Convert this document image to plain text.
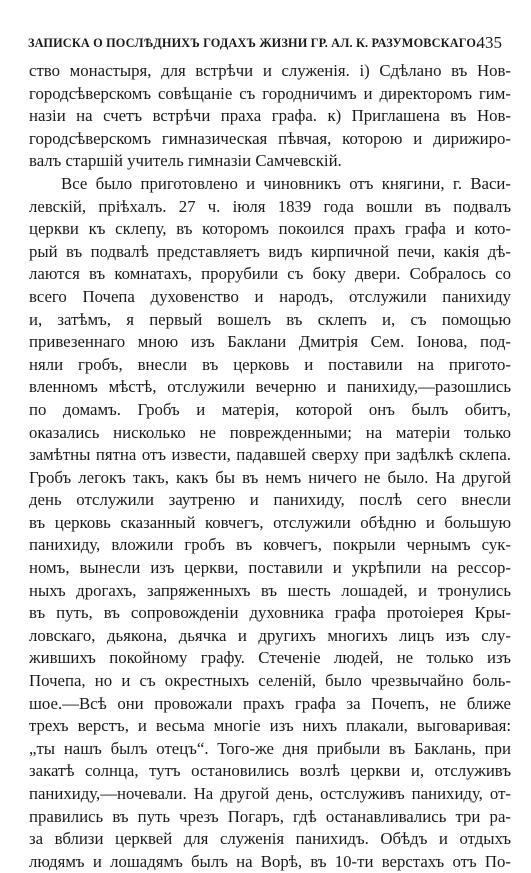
ЗАПИСКА О ПОСЛѢДНИХЪ ГОДАХЪ ЖИЗНИ ГР. АЛ. К. РАЗУМОВСКАГО.
435
ство монастыря, для встрѣчи и служенія. і) Сдѣлано въ Нов-
городсѣверскомъ совѣщаніе съ городничимъ и директоромъ гим-
назіи на счетъ встрѣчи праха графа. к) Приглашена въ Нов-
городсѣверскомъ гимназическая пѣвчая, которою и дирижиро-
валъ старшій учитель гимназіи Самчевскій.
Все было приготовлено и чиновникъ отъ княгини, г. Васи-
левскій, пріѣхалъ. 27 ч. іюля 1839 года вошли въ подвалъ
церкви къ склепу, въ которомъ покоился прахъ графа и кото-
рый въ подвалѣ представляетъ видъ кирпичной печи, какія дѣ-
лаются въ комнатахъ, прорубили съ боку двери. Собралось со
всего Почепа духовенство и народъ, отслужили панихиду
и, затѣмъ, я первый вошелъ въ склепъ и, съ помощью
привезеннаго мною изъ Баклани Дмитрія Сем. Іонова, под-
няли гробъ, внесли въ церковь и поставили на пригото-
вленномъ мѣстѣ, отслужили вечерню и панихиду,—разошлись
по домамъ. Гробъ и матерія, которой онъ былъ обитъ,
оказались нисколько не поврежденными; на матеріи только
замѣтны пятна отъ извести, падавшей сверху при задѣлкѣ склепа.
Гробъ легокъ такъ, какъ бы въ немъ ничего не было. На другой
день отслужили заутреню и панихиду, послѣ сего внесли
въ церковь сказанный ковчегъ, отслужили обѣдню и большую
панихиду, вложили гробъ въ ковчегъ, покрыли чернымъ сук-
номъ, вынесли изъ церкви, поставили и укрѣпили на рессор-
ныхъ дрогахъ, запряженныхъ въ шесть лошадей, и тронулись
въ путь, въ сопровожденіи духовника графа протоіерея Кры-
ловскаго, дьякона, дьячка и другихъ многихъ лицъ изъ слу-
жившихъ покойному графу. Стеченіе людей, не только изъ
Почепа, но и съ окрестныхъ селеній, было чрезвычайно боль-
шое.—Всѣ они провожали прахъ графа за Почепъ, не ближе
трехъ верстъ, и весьма многіе изъ нихъ плакали, выговаривая:
„ты нашъ былъ отецъ“. Того-же дня прибыли въ Баклань, при
закатѣ солнца, тутъ остановились возлѣ церкви и, отслуживъ
панихиду,—ночевали. На другой день, остслуживъ панихиду, от-
правились въ путь чрезъ Погаръ, гдѣ останавливались три ра-
за вблизи церквей для служенія панихидъ. Обѣдъ и отдыхъ
людямъ и лошадямъ былъ на Ворѣ, въ 10-ти верстахъ отъ По-
